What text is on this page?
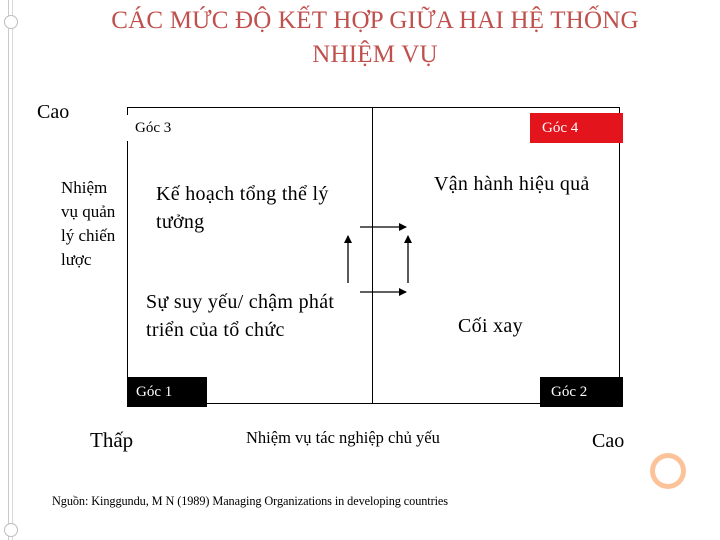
CÁC MỨC ĐỘ KẾT HỢP GIỮA HAI HỆ THỐNG
NHIỆM VỤ
Cao
Nhiệm vụ quản lý chiến lược
Góc 3	Góc 4
Góc 1	Góc 2
Kế hoạch tổng thể lý tưởng
Vận hành hiệu quả
Sự suy yếu/ chậm phát triển của tổ chức	Cối xay
Thấp	Nhiệm vụ tác nghiệp chủ yếu	Cao
Nguồn: Kinggundu, M N (1989) Managing Organizations in developing countries
